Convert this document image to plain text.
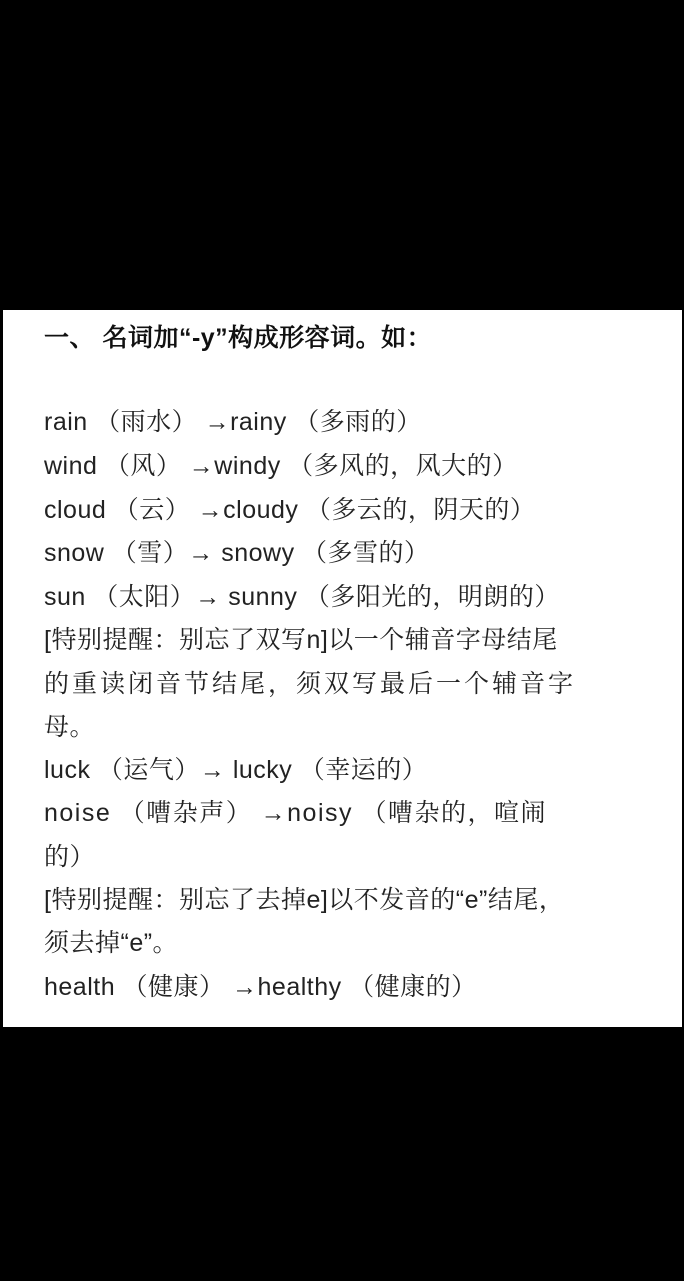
一、 名词加“-y”构成形容词。如：
rain （雨水） →rainy （多雨的）
wind （风） →windy （多风的，风大的）
cloud （云） →cloudy （多云的，阴天的）
snow （雪）→ snowy （多雪的）
sun （太阳）→ sunny （多阳光的，明朗的）
[特别提醒：别忘了双写n]以一个辅音字母结尾
的重读闭音节结尾，须双写最后一个辅音字
母。
luck （运气）→ lucky （幸运的）
noise （嘈杂声） →noisy （嘈杂的，喧闹
的）
[特别提醒：别忘了去掉e]以不发音的“e”结尾，
须去掉“e”。
health （健康） →healthy （健康的）
